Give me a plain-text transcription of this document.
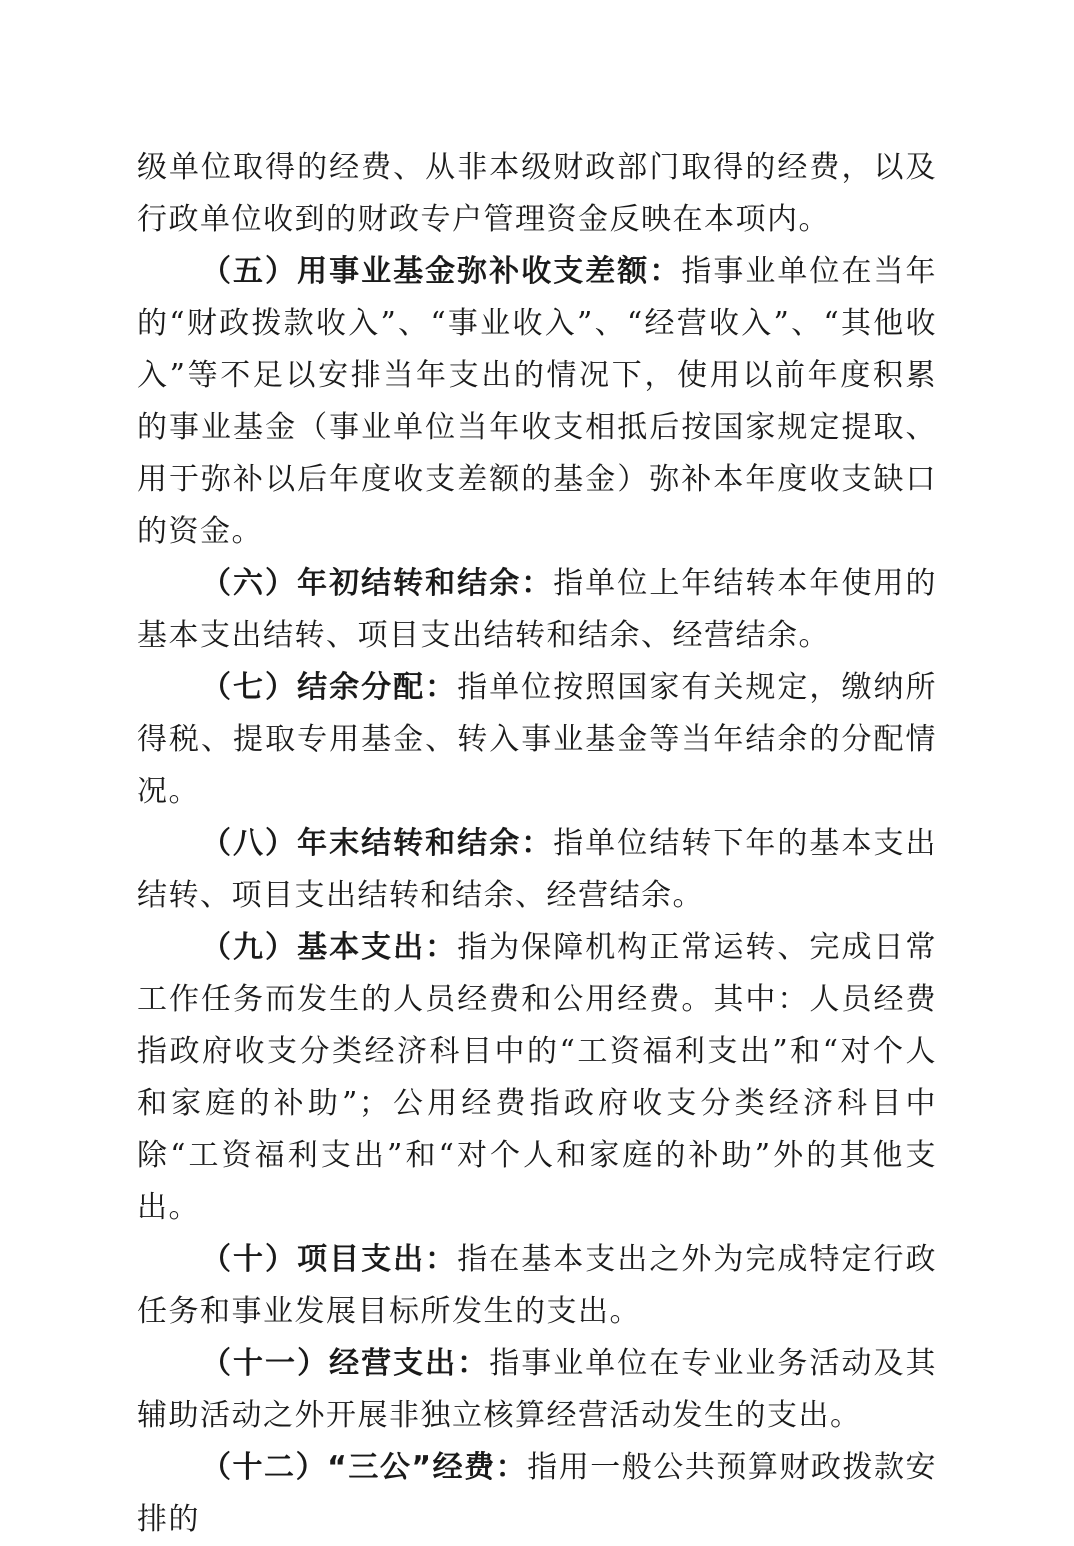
级单位取得的经费、从非本级财政部门取得的经费，以及行政单位收到的财政专户管理资金反映在本项内。

（五）用事业基金弥补收支差额：指事业单位在当年的“财政拨款收入”、“事业收入”、“经营收入”、“其他收入”等不足以安排当年支出的情况下，使用以前年度积累的事业基金（事业单位当年收支相抵后按国家规定提取、用于弥补以后年度收支差额的基金）弥补本年度收支缺口的资金。

（六）年初结转和结余：指单位上年结转本年使用的基本支出结转、项目支出结转和结余、经营结余。

（七）结余分配：指单位按照国家有关规定，缴纳所得税、提取专用基金、转入事业基金等当年结余的分配情况。

（八）年末结转和结余：指单位结转下年的基本支出结转、项目支出结转和结余、经营结余。

（九）基本支出：指为保障机构正常运转、完成日常工作任务而发生的人员经费和公用经费。其中：人员经费指政府收支分类经济科目中的“工资福利支出”和“对个人和家庭的补助”；公用经费指政府收支分类经济科目中除“工资福利支出”和“对个人和家庭的补助”外的其他支出。

（十）项目支出：指在基本支出之外为完成特定行政任务和事业发展目标所发生的支出。

（十一）经营支出：指事业单位在专业业务活动及其辅助活动之外开展非独立核算经营活动发生的支出。

（十二）“三公”经费：指用一般公共预算财政拨款安排的
